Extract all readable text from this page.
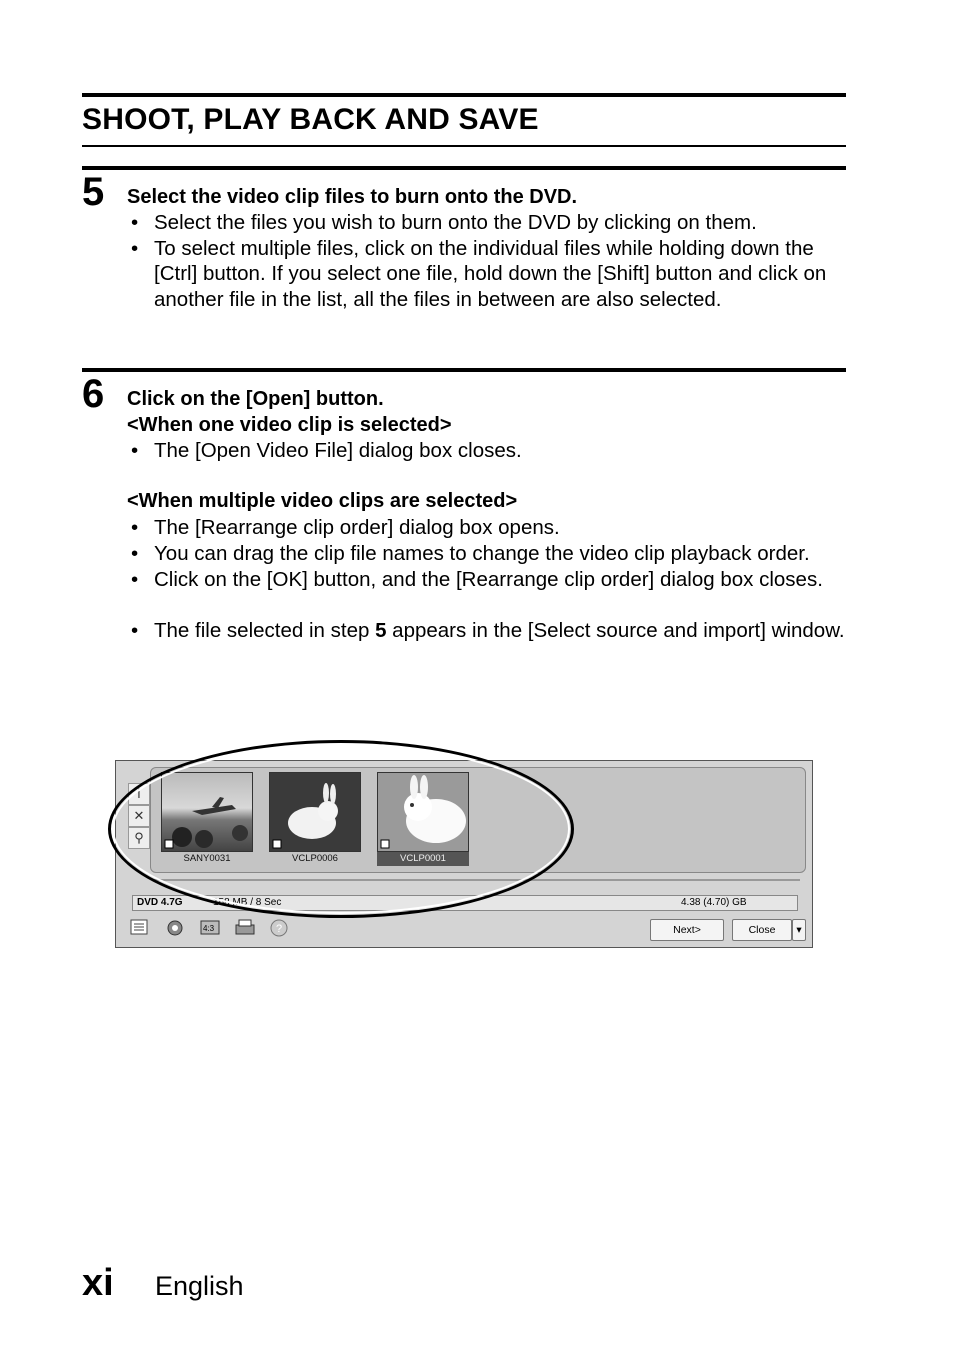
SHOOT, PLAY BACK AND SAVE
5 Select the video clip files to burn onto the DVD.
• Select the files you wish to burn onto the DVD by clicking on them.
• To select multiple files, click on the individual files while holding down the [Ctrl] button. If you select one file, hold down the [Shift] button and click on another file in the list, all the files in between are also selected.
6 Click on the [Open] button.
<When one video clip is selected>
• The [Open Video File] dialog box closes.
<When multiple video clips are selected>
• The [Rearrange clip order] dialog box opens.
• You can drag the clip file names to change the video clip playback order.
• Click on the [OK] button, and the [Rearrange clip order] dialog box closes.
• The file selected in step 5 appears in the [Select source and import] window.
i
✕
⚲
SANY0031	VCLP0006	VCLP0001
DVD 4.7G	158 MB / 8 Sec	4.38 (4.70) GB
4:3	?	Next>	Close	▾
xi English
